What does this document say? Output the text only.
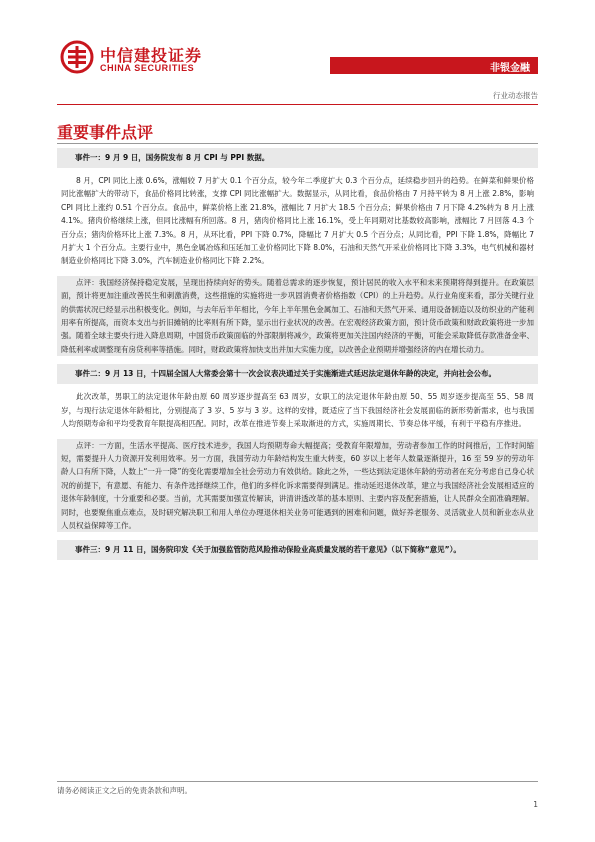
中信建投证券
CHINA SECURITIES	非银金融
行业动态报告
重要事件点评
事件一：9 月 9 日，国务院发布 8 月 CPI 与 PPI 数据。

8 月，CPI 同比上涨 0.6%，涨幅较 7 月扩大 0.1 个百分点，较今年二季度扩大 0.3 个百分点，延续稳步回升的趋势。在鲜菜和鲜果价格同比涨幅扩大的带动下，食品价格同比转涨，支撑 CPI 同比涨幅扩大。数据显示，从同比看，食品价格由 7 月持平转为 8 月上涨 2.8%，影响 CPI 同比上涨约 0.51 个百分点。食品中，鲜菜价格上涨 21.8%，涨幅比 7 月扩大 18.5 个百分点；鲜果价格由 7 月下降 4.2%转为 8 月上涨 4.1%。猪肉价格继续上涨，但同比涨幅有所回落。8 月，猪肉价格同比上涨 16.1%，受上年同期对比基数较高影响，涨幅比 7 月回落 4.3 个百分点；猪肉价格环比上涨 7.3%。8 月，从环比看，PPI 下降 0.7%，降幅比 7 月扩大 0.5 个百分点；从同比看，PPI 下降 1.8%，降幅比 7 月扩大 1 个百分点。主要行业中，黑色金属冶炼和压延加工业价格同比下降 8.0%，石油和天然气开采业价格同比下降 3.3%，电气机械和器材制造业价格同比下降 3.0%，汽车制造业价格同比下降 2.2%。

点评：我国经济保持稳定发展，呈现出持续向好的势头。随着总需求的逐步恢复，预计居民的收入水平和未来预期将得到提升。在政策层面，预计将更加注重改善民生和刺激消费，这些措施的实施将进一步巩固消费者价格指数（CPI）的上升趋势。从行业角度来看，部分关键行业的供需状况已经显示出积极变化。例如，与去年后半年相比，今年上半年黑色金属加工、石油和天然气开采、通用设备制造以及纺织业的产能利用率有所提高，而资本支出与折旧摊销的比率则有所下降，显示出行业状况的改善。在宏观经济政策方面，预计货币政策和财政政策将进一步加强。随着全球主要央行进入降息周期，中国货币政策面临的外部限制将减少，政策将更加关注国内经济的平衡，可能会采取降低存款准备金率、降低利率或调整现有房贷利率等措施。同时，财政政策将加快支出并加大实施力度，以改善企业预期并增强经济的内在增长动力。

事件二：9 月 13 日，十四届全国人大常委会第十一次会议表决通过关于实施渐进式延迟法定退休年龄的决定，并向社会公布。

此次改革，男职工的法定退休年龄由原 60 周岁逐步提高至 63 周岁，女职工的法定退休年龄由原 50、55 周岁逐步提高至 55、58 周岁，与现行法定退休年龄相比，分别提高了 3 岁、5 岁与 3 岁。这样的安排，既适应了当下我国经济社会发展面临的新形势新需求，也与我国人均预期寿命和平均受教育年限提高相匹配。同时，改革在推进节奏上采取渐进的方式，实施周期长、节奏总体平缓，有利于平稳有序推进。

点评：一方面，生活水平提高、医疗技术进步，我国人均预期寿命大幅提高；受教育年限增加，劳动者参加工作的时间推后，工作时间缩短，需要提升人力资源开发利用效率。另一方面，我国劳动力年龄结构发生重大转变，60 岁以上老年人数量逐渐提升，16 至 59 岁的劳动年龄人口有所下降，人数上“一升一降”的变化需要增加全社会劳动力有效供给。除此之外，一些达到法定退休年龄的劳动者在充分考虑自己身心状况的前提下，有意愿、有能力、有条件选择继续工作，他们的多样化诉求需要得到满足。推动延迟退休改革，建立与我国经济社会发展相适应的退休年龄制度，十分重要和必要。当前，尤其需要加强宣传解读，讲清讲透改革的基本原则、主要内容及配套措施，让人民群众全面准确理解。同时，也要聚焦重点难点，及时研究解决职工和用人单位办理退休相关业务可能遇到的困难和问题，做好养老服务、灵活就业人员和新业态从业人员权益保障等工作。

事件三：9 月 11 日，国务院印发《关于加强监管防范风险推动保险业高质量发展的若干意见》（以下简称“意见”）。
请务必阅读正文之后的免责条款和声明。
1
